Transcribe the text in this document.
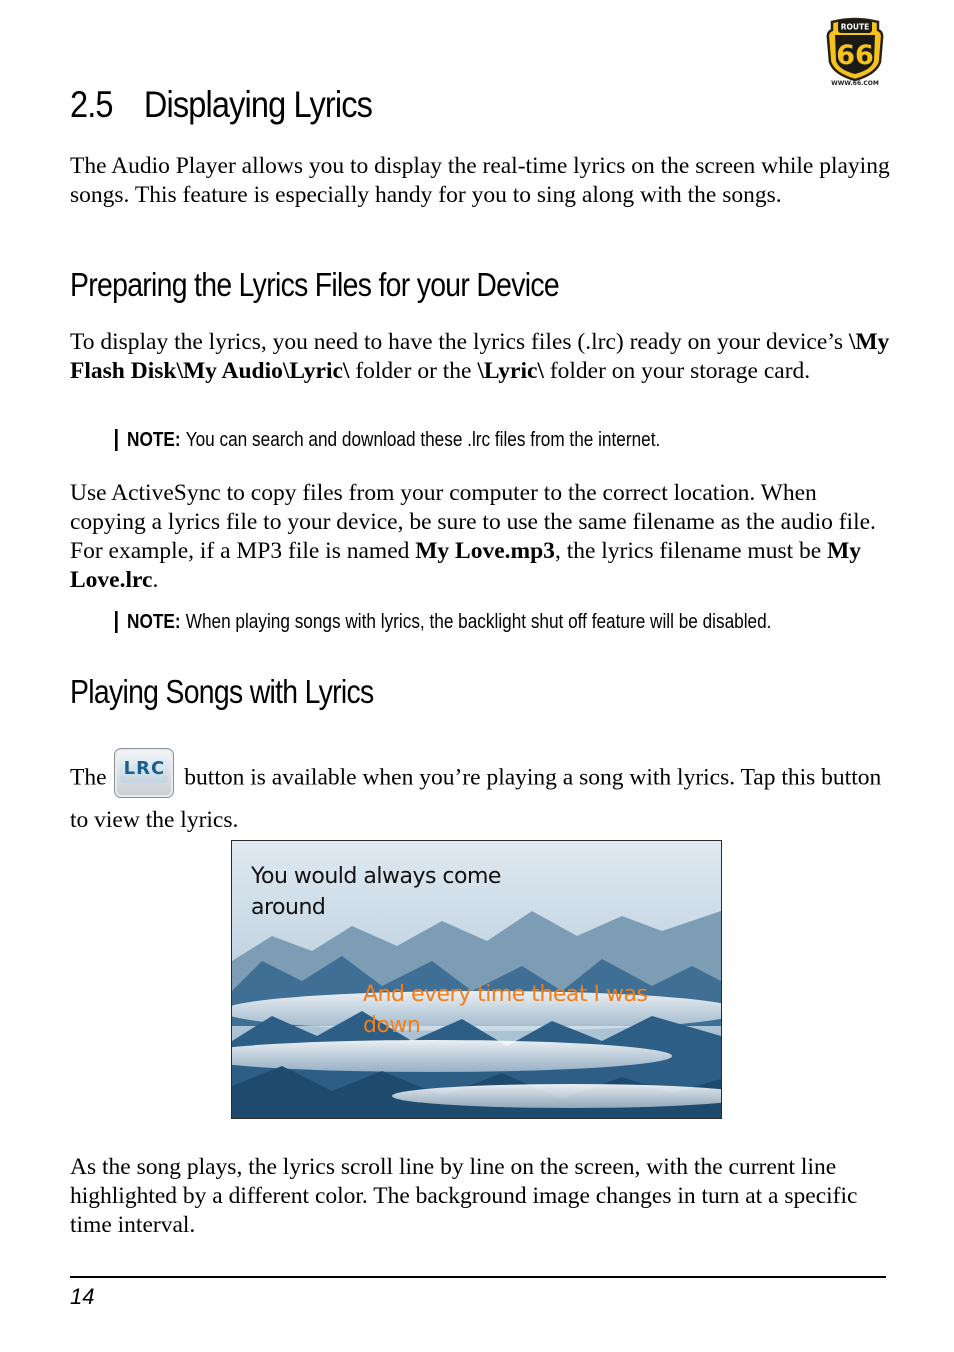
ROUTE
66
WWW.66.COM
2.5 Displaying Lyrics
The Audio Player allows you to display the real-time lyrics on the screen while playing songs. This feature is especially handy for you to sing along with the songs.
Preparing the Lyrics Files for your Device
To display the lyrics, you need to have the lyrics files (.lrc) ready on your device’s \My Flash Disk\My Audio\Lyric\ folder or the \Lyric\ folder on your storage card.
NOTE: You can search and download these .lrc files from the internet.
Use ActiveSync to copy files from your computer to the correct location. When copying a lyrics file to your device, be sure to use the same filename as the audio file. For example, if a MP3 file is named My Love.mp3, the lyrics filename must be My Love.lrc.
NOTE: When playing songs with lyrics, the backlight shut off feature will be disabled.
Playing Songs with Lyrics
The LRC button is available when you’re playing a song with lyrics. Tap this button to view the lyrics.
You would always come around
And every time theat I was down
As the song plays, the lyrics scroll line by line on the screen, with the current line highlighted by a different color. The background image changes in turn at a specific time interval.
14
